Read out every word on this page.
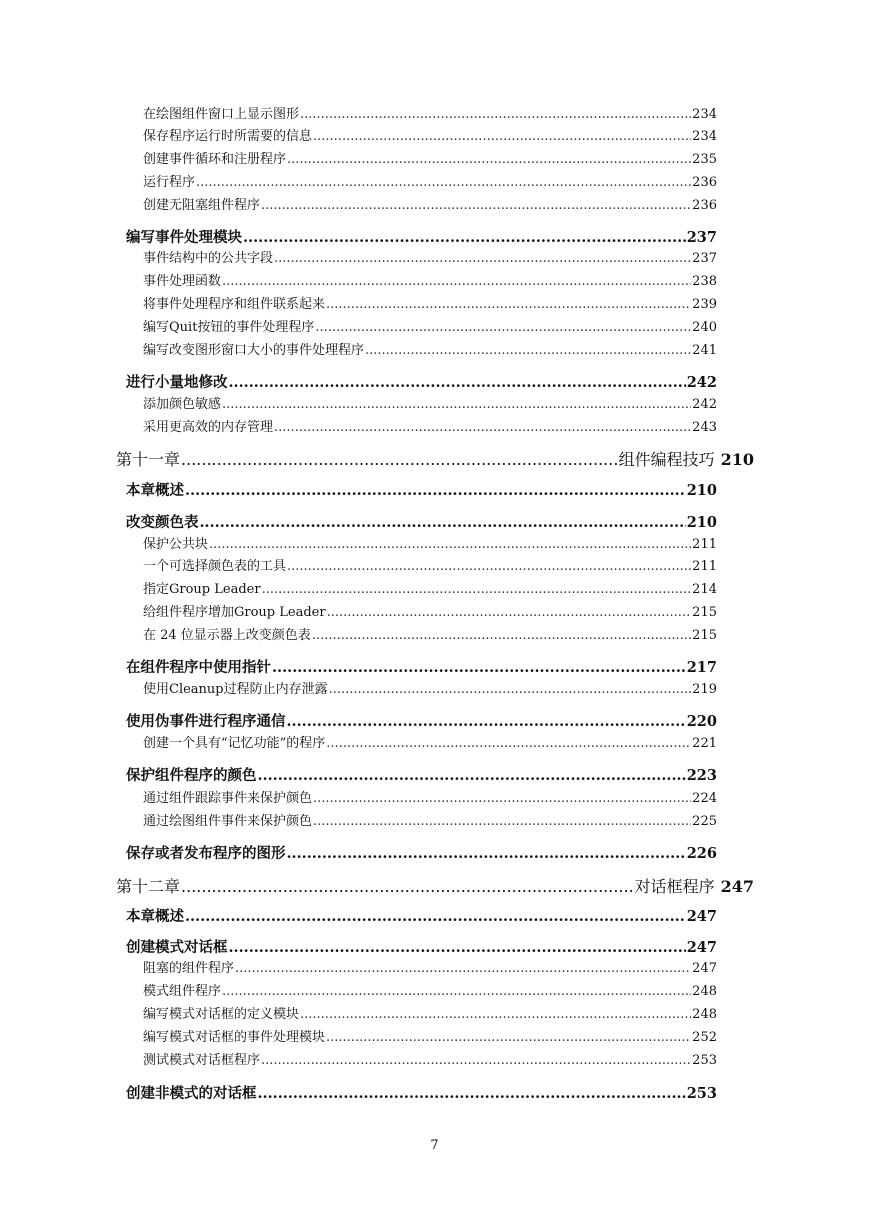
在绘图组件窗口上显示图形 .....	234
保存程序运行时所需要的信息 .....	234
创建事件循环和注册程序 .....	235
运行程序 .....	236
创建无阻塞组件程序 .....	236
编写事件处理模块 .....	237
事件结构中的公共字段 .....	237
事件处理函数 .....	238
将事件处理程序和组件联系起来 .....	239
编写Quit按钮的事件处理程序 .....	240
编写改变图形窗口大小的事件处理程序 .....	241
进行小量地修改 .....	242
添加颜色敏感 .....	242
采用更高效的内存管理 .....	243
第十一章 .....	组件编程技巧 210
本章概述 .....	210
改变颜色表 .....	210
保护公共块 .....	211
一个可选择颜色表的工具 .....	211
指定Group Leader .....	214
给组件程序增加Group Leader .....	215
在 24 位显示器上改变颜色表 .....	215
在组件程序中使用指针 .....	217
使用Cleanup过程防止内存泄露 .....	219
使用伪事件进行程序通信 .....	220
创建一个具有“记忆功能”的程序 .....	221
保护组件程序的颜色 .....	223
通过组件跟踪事件来保护颜色 .....	224
通过绘图组件事件来保护颜色 .....	225
保存或者发布程序的图形 .....	226
第十二章 .....	对话框程序 247
本章概述 .....	247
创建模式对话框 .....	247
阻塞的组件程序 .....	247
模式组件程序 .....	248
编写模式对话框的定义模块 .....	248
编写模式对话框的事件处理模块 .....	252
测试模式对话框程序 .....	253
创建非模式的对话框 .....	253
7
